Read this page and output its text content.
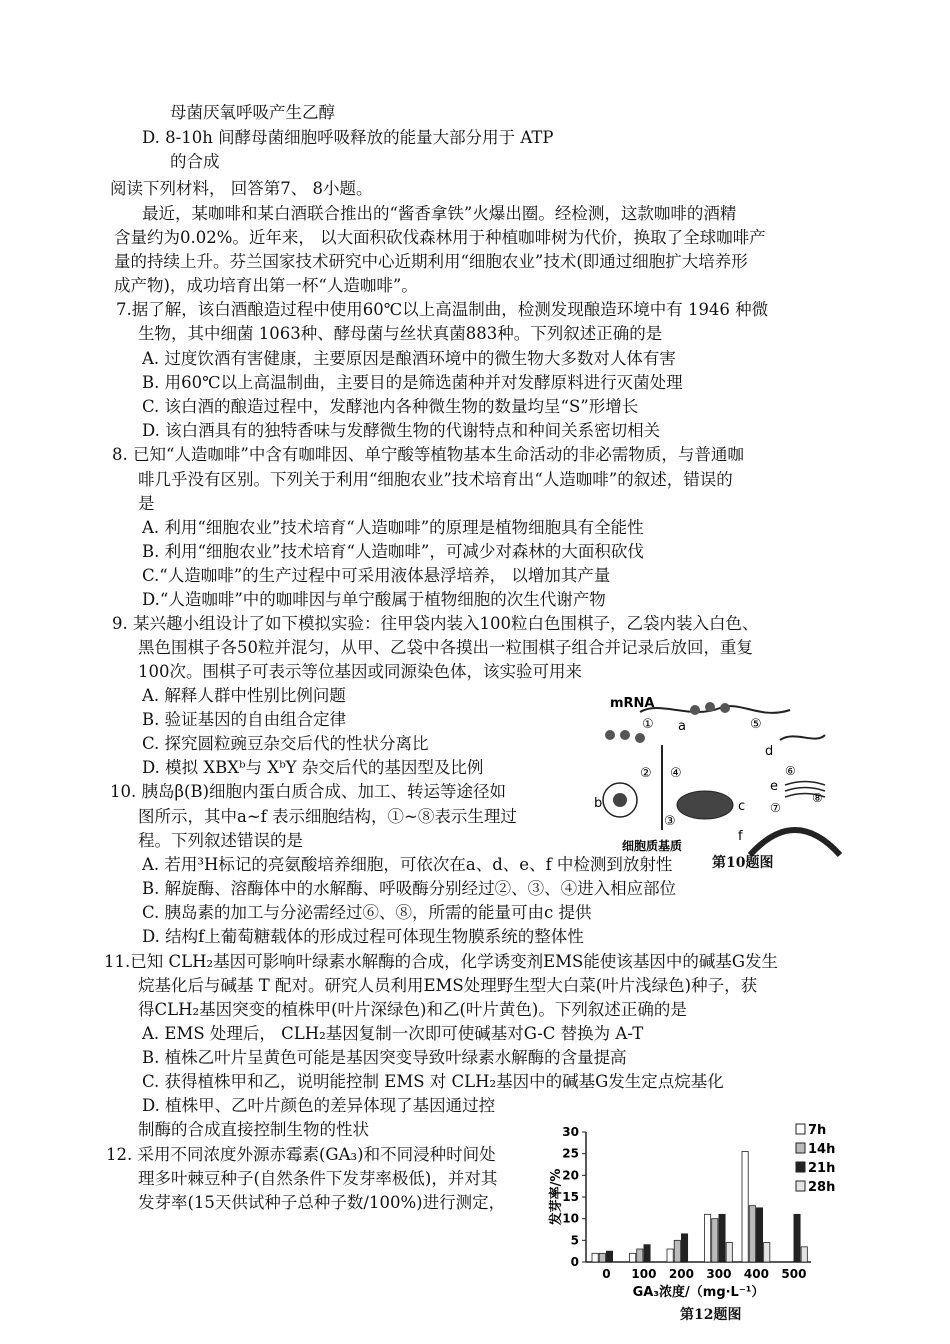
母菌厌氧呼吸产生乙醇
D. 8-10h 间酵母菌细胞呼吸释放的能量大部分用于 ATP
的合成
阅读下列材料， 回答第7、 8小题。
最近，某咖啡和某白酒联合推出的“酱香拿铁”火爆出圈。经检测，这款咖啡的酒精
含量约为0.02%。近年来， 以大面积砍伐森林用于种植咖啡树为代价，换取了全球咖啡产
量的持续上升。芬兰国家技术研究中心近期利用“细胞农业”技术(即通过细胞扩大培养形
成产物)，成功培育出第一杯“人造咖啡”。
7.据了解，该白酒酿造过程中使用60℃以上高温制曲，检测发现酿造环境中有 1946 种微
生物，其中细菌 1063种、酵母菌与丝状真菌883种。下列叙述正确的是
A. 过度饮酒有害健康，主要原因是酿酒环境中的微生物大多数对人体有害
B. 用60℃以上高温制曲，主要目的是筛选菌种并对发酵原料进行灭菌处理
C. 该白酒的酿造过程中，发酵池内各种微生物的数量均呈“S”形增长
D. 该白酒具有的独特香味与发酵微生物的代谢特点和种间关系密切相关
8. 已知“人造咖啡”中含有咖啡因、单宁酸等植物基本生命活动的非必需物质，与普通咖
啡几乎没有区别。下列关于利用“细胞农业”技术培育出“人造咖啡”的叙述，错误的
是
A. 利用“细胞农业”技术培育“人造咖啡”的原理是植物细胞具有全能性
B. 利用“细胞农业”技术培育“人造咖啡”，可减少对森林的大面积砍伐
C.“人造咖啡”的生产过程中可采用液体悬浮培养， 以增加其产量
D.“人造咖啡”中的咖啡因与单宁酸属于植物细胞的次生代谢产物
9. 某兴趣小组设计了如下模拟实验：往甲袋内装入100粒白色围棋子，乙袋内装入白色、
黑色围棋子各50粒并混匀，从甲、乙袋中各摸出一粒围棋子组合并记录后放回，重复
100次。围棋子可表示等位基因或同源染色体，该实验可用来
A. 解释人群中性别比例问题
B. 验证基因的自由组合定律
C. 探究圆粒豌豆杂交后代的性状分离比
D. 模拟 XBXᵇ与 XᵇY 杂交后代的基因型及比例
10. 胰岛β(B)细胞内蛋白质合成、加工、转运等途径如
图所示，其中a~f 表示细胞结构，①~⑧表示生理过
程。下列叙述错误的是
A. 若用³H标记的亮氨酸培养细胞，可依次在a、d、e、f 中检测到放射性
B. 解旋酶、溶酶体中的水解酶、呼吸酶分别经过②、③、④进入相应部位
C. 胰岛素的加工与分泌需经过⑥、⑧，所需的能量可由c 提供
D. 结构f上葡萄糖载体的形成过程可体现生物膜系统的整体性
11.已知 CLH₂基因可影响叶绿素水解酶的合成，化学诱变剂EMS能使该基因中的碱基G发生
烷基化后与碱基 T 配对。研究人员利用EMS处理野生型大白菜(叶片浅绿色)种子，获
得CLH₂基因突变的植株甲(叶片深绿色)和乙(叶片黄色)。下列叙述正确的是
A. EMS 处理后， CLH₂基因复制一次即可使碱基对G-C 替换为 A-T
B. 植株乙叶片呈黄色可能是基因突变导致叶绿素水解酶的含量提高
C. 获得植株甲和乙，说明能控制 EMS 对 CLH₂基因中的碱基G发生定点烷基化
D. 植株甲、乙叶片颜色的差异体现了基因通过控
制酶的合成直接控制生物的性状
12. 采用不同浓度外源赤霉素(GA₃)和不同浸种时间处
理多叶棘豆种子(自然条件下发芽率极低)，并对其
发芽率(15天供试种子总种子数/100%)进行测定，
mRNA
① a	⑤
② ④
③
b	c
d
⑥
e
⑦
⑧
f
细胞质基质
第10题图
0
5
10
15
20
25
30
0 100 200 300 400 500
GA₃浓度/（mg·L⁻¹）
发芽率/%
7h
14h
21h
28h
第12题图
